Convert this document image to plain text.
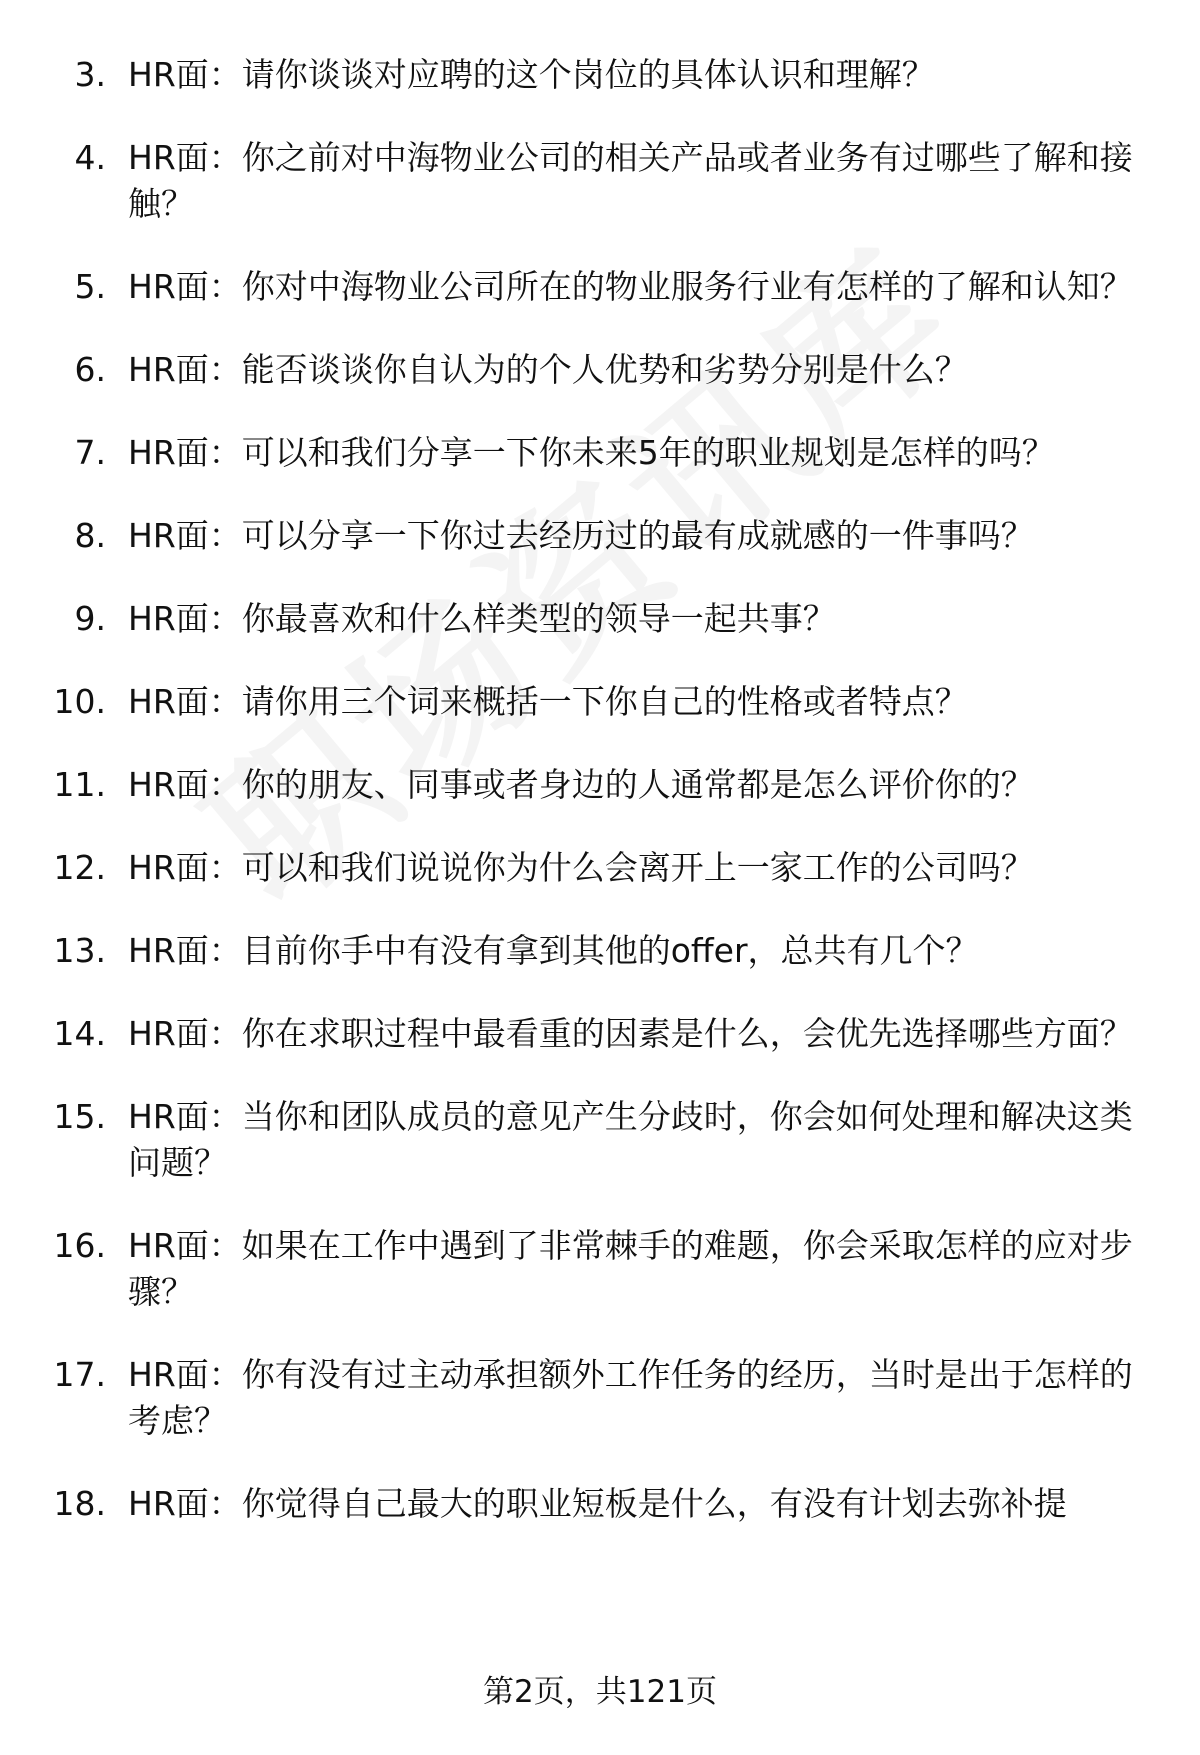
3. HR面：请你谈谈对应聘的这个岗位的具体认识和理解？
4. HR面：你之前对中海物业公司的相关产品或者业务有过哪些了解和接触？
5. HR面：你对中海物业公司所在的物业服务行业有怎样的了解和认知？
6. HR面：能否谈谈你自认为的个人优势和劣势分别是什么？
7. HR面：可以和我们分享一下你未来5年的职业规划是怎样的吗？
8. HR面：可以分享一下你过去经历过的最有成就感的一件事吗？
9. HR面：你最喜欢和什么样类型的领导一起共事？
10. HR面：请你用三个词来概括一下你自己的性格或者特点？
11. HR面：你的朋友、同事或者身边的人通常都是怎么评价你的？
12. HR面：可以和我们说说你为什么会离开上一家工作的公司吗？
13. HR面：目前你手中有没有拿到其他的offer，总共有几个？
14. HR面：你在求职过程中最看重的因素是什么，会优先选择哪些方面？
15. HR面：当你和团队成员的意见产生分歧时，你会如何处理和解决这类问题？
16. HR面：如果在工作中遇到了非常棘手的难题，你会采取怎样的应对步骤？
17. HR面：你有没有过主动承担额外工作任务的经历，当时是出于怎样的考虑？
18. HR面：你觉得自己最大的职业短板是什么，有没有计划去弥补提
第2页，共121页
